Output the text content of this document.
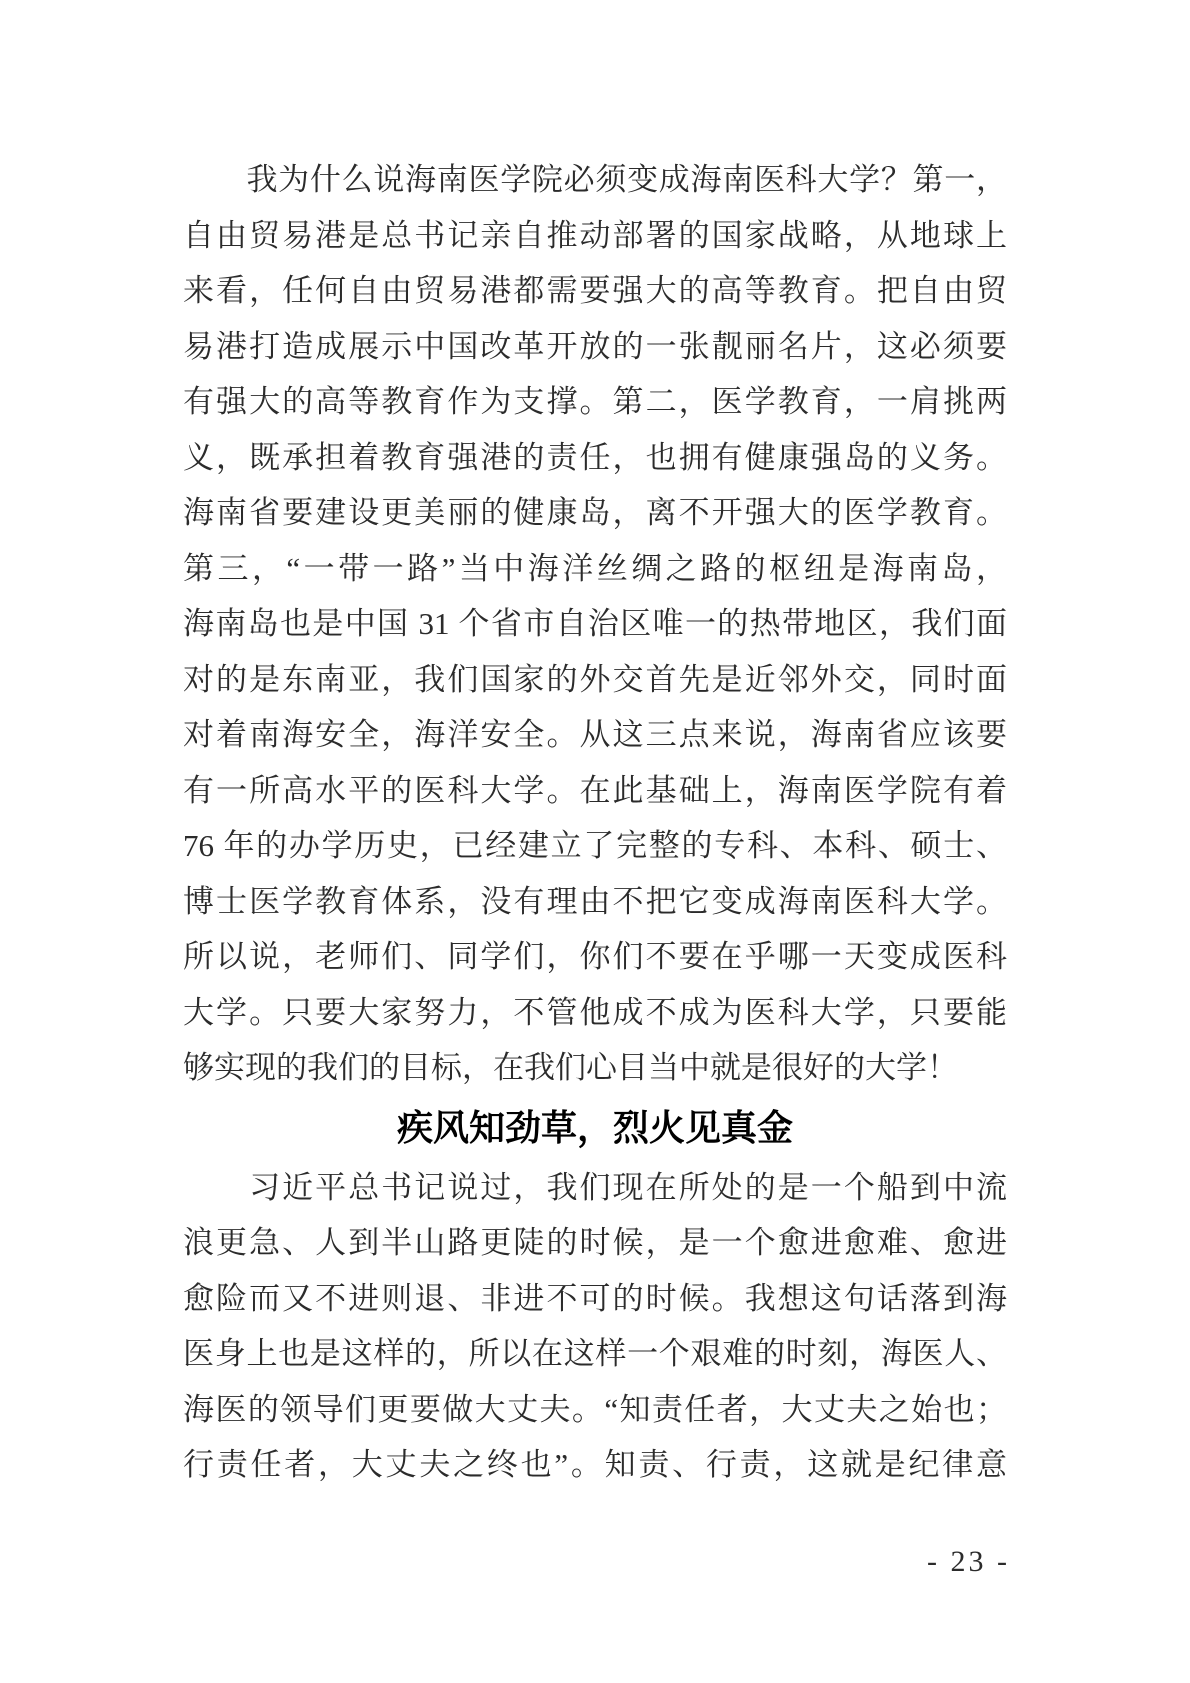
　　我为什么说海南医学院必须变成海南医科大学？第一，
自由贸易港是总书记亲自推动部署的国家战略，从地球上
来看，任何自由贸易港都需要强大的高等教育。把自由贸
易港打造成展示中国改革开放的一张靓丽名片，这必须要
有强大的高等教育作为支撑。第二，医学教育，一肩挑两
义，既承担着教育强港的责任，也拥有健康强岛的义务。
海南省要建设更美丽的健康岛，离不开强大的医学教育。
第三，“一带一路”当中海洋丝绸之路的枢纽是海南岛，
海南岛也是中国 31 个省市自治区唯一的热带地区，我们面
对的是东南亚，我们国家的外交首先是近邻外交，同时面
对着南海安全，海洋安全。从这三点来说，海南省应该要
有一所高水平的医科大学。在此基础上，海南医学院有着
76 年的办学历史，已经建立了完整的专科、本科、硕士、
博士医学教育体系，没有理由不把它变成海南医科大学。
所以说，老师们、同学们，你们不要在乎哪一天变成医科
大学。只要大家努力，不管他成不成为医科大学，只要能
够实现的我们的目标，在我们心目当中就是很好的大学！
疾风知劲草，烈火见真金
　　习近平总书记说过，我们现在所处的是一个船到中流
浪更急、人到半山路更陡的时候，是一个愈进愈难、愈进
愈险而又不进则退、非进不可的时候。我想这句话落到海
医身上也是这样的，所以在这样一个艰难的时刻，海医人、
海医的领导们更要做大丈夫。“知责任者，大丈夫之始也；
行责任者，大丈夫之终也”。知责、行责，这就是纪律意
- 23 -
